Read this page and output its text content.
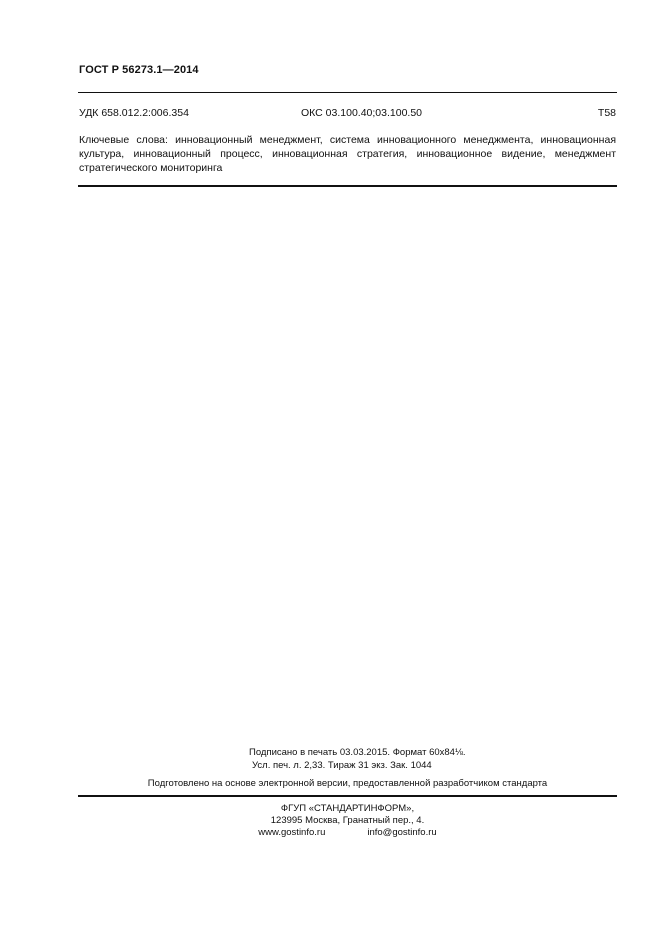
ГОСТ Р 56273.1—2014
УДК 658.012.2:006.354	ОКС 03.100.40;03.100.50	Т58
Ключевые слова: инновационный менеджмент, система инновационного менеджмента, инновационная культура, инновационный процесс, инновационная стратегия, инновационное видение, менеджмент стратегического мониторинга
Подписано в печать 03.03.2015. Формат 60x84⅛.
Усл. печ. л. 2,33. Тираж 31 экз. Зак. 1044
Подготовлено на основе электронной версии, предоставленной разработчиком стандарта
ФГУП «СТАНДАРТИНФОРМ»,
123995 Москва, Гранатный пер., 4.
www.gostinfo.ru	info@gostinfo.ru
